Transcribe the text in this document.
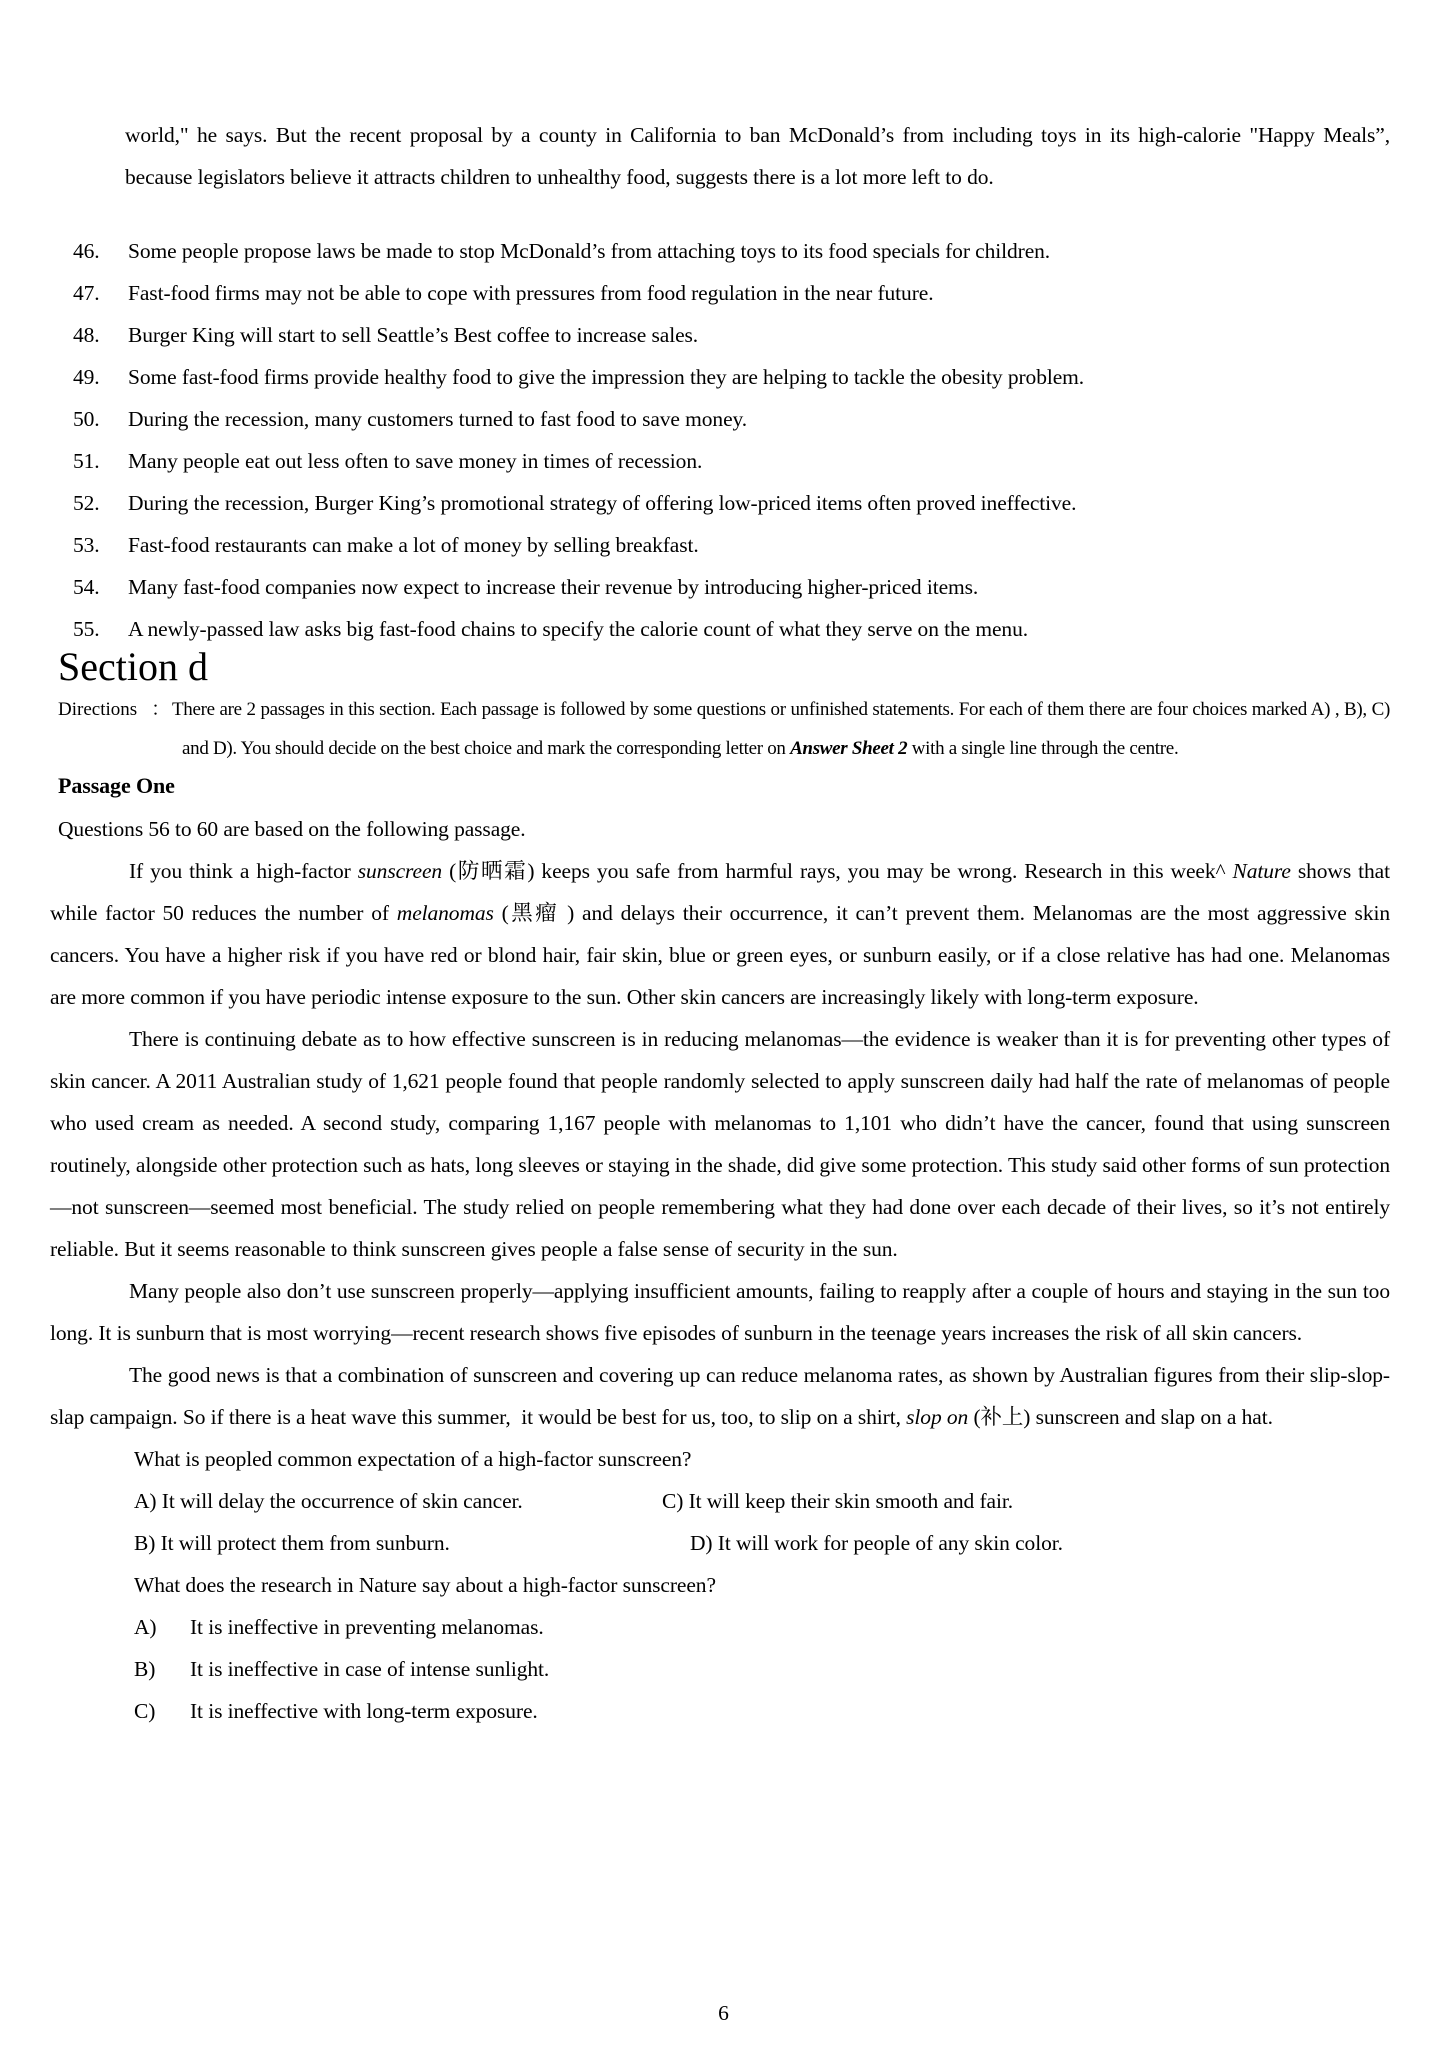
world," he says. But the recent proposal by a county in California to ban McDonald’s from including toys in its high-calorie "Happy Meals”, because legislators believe it attracts children to unhealthy food, suggests there is a lot more left to do.
46.	Some people propose laws be made to stop McDonald’s from attaching toys to its food specials for children.
47.	Fast-food firms may not be able to cope with pressures from food regulation in the near future.
48.	Burger King will start to sell Seattle’s Best coffee to increase sales.
49.	Some fast-food firms provide healthy food to give the impression they are helping to tackle the obesity problem.
50.	During the recession, many customers turned to fast food to save money.
51.	Many people eat out less often to save money in times of recession.
52.	During the recession, Burger King’s promotional strategy of offering low-priced items often proved ineffective.
53.	Fast-food restaurants can make a lot of money by selling breakfast.
54.	Many fast-food companies now expect to increase their revenue by introducing higher-priced items.
55.	A newly-passed law asks big fast-food chains to specify the calorie count of what they serve on the menu.
Section d
Directions ： There are 2 passages in this section. Each passage is followed by some questions or unfinished statements. For each of them there are four choices marked A) , B), C) and D). You should decide on the best choice and mark the corresponding letter on Answer Sheet 2 with a single line through the centre.
Passage One
Questions 56 to 60 are based on the following passage.
If you think a high-factor sunscreen (防晒霜) keeps you safe from harmful rays, you may be wrong. Research in this week^ Nature shows that while factor 50 reduces the number of melanomas (黑瘤 ) and delays their occurrence, it can’t prevent them. Melanomas are the most aggressive skin cancers. You have a higher risk if you have red or blond hair, fair skin, blue or green eyes, or sunburn easily, or if a close relative has had one. Melanomas are more common if you have periodic intense exposure to the sun. Other skin cancers are increasingly likely with long-term exposure.
There is continuing debate as to how effective sunscreen is in reducing melanomas—the evidence is weaker than it is for preventing other types of skin cancer. A 2011 Australian study of 1,621 people found that people randomly selected to apply sunscreen daily had half the rate of melanomas of people who used cream as needed. A second study, comparing 1,167 people with melanomas to 1,101 who didn’t have the cancer, found that using sunscreen routinely, alongside other protection such as hats, long sleeves or staying in the shade, did give some protection. This study said other forms of sun protection—not sunscreen—seemed most beneficial. The study relied on people remembering what they had done over each decade of their lives, so it’s not entirely reliable. But it seems reasonable to think sunscreen gives people a false sense of security in the sun.
Many people also don’t use sunscreen properly—applying insufficient amounts, failing to reapply after a couple of hours and staying in the sun too long. It is sunburn that is most worrying—recent research shows five episodes of sunburn in the teenage years increases the risk of all skin cancers.
The good news is that a combination of sunscreen and covering up can reduce melanoma rates, as shown by Australian figures from their slip-slop-slap campaign. So if there is a heat wave this summer,  it would be best for us, too, to slip on a shirt, slop on (补上) sunscreen and slap on a hat.
What is peopled common expectation of a high-factor sunscreen?
A) It will delay the occurrence of skin cancer.	C) It will keep their skin smooth and fair.
B) It will protect them from sunburn.	D) It will work for people of any skin color.
What does the research in Nature say about a high-factor sunscreen?
A)	It is ineffective in preventing melanomas.
B)	It is ineffective in case of intense sunlight.
C)	It is ineffective with long-term exposure.
6
